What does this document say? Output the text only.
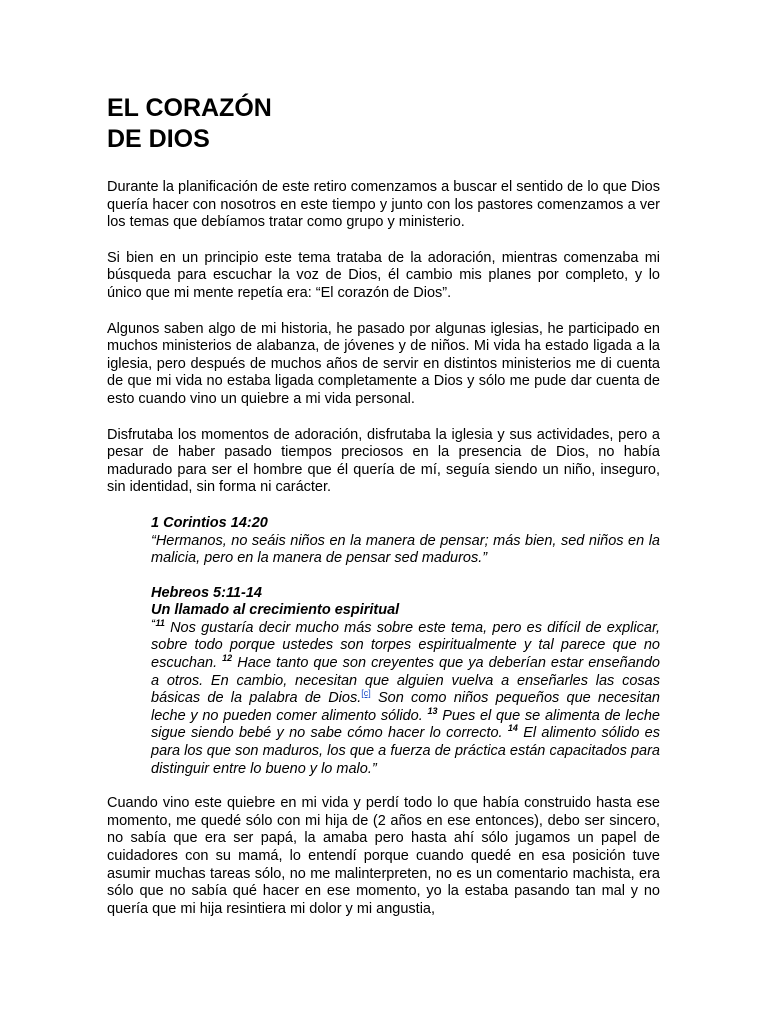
EL CORAZÓN
DE DIOS

Durante la planificación de este retiro comenzamos a buscar el sentido de lo que Dios quería hacer con nosotros en este tiempo y junto con los pastores comenzamos a ver los temas que debíamos tratar como grupo y ministerio.

Si bien en un principio este tema trataba de la adoración, mientras comenzaba mi búsqueda para escuchar la voz de Dios, él cambio mis planes por completo, y lo único que mi mente repetía era: “El corazón de Dios”.

Algunos saben algo de mi historia, he pasado por algunas iglesias, he participado en muchos ministerios de alabanza, de jóvenes y de niños. Mi vida ha estado ligada a la iglesia, pero después de muchos años de servir en distintos ministerios me di cuenta de que mi vida no estaba ligada completamente a Dios y sólo me pude dar cuenta de esto cuando vino un quiebre a mi vida personal.

Disfrutaba los momentos de adoración, disfrutaba la iglesia y sus actividades, pero a pesar de haber pasado tiempos preciosos en la presencia de Dios, no había madurado para ser el hombre que él quería de mí, seguía siendo un niño, inseguro, sin identidad, sin forma ni carácter.

1 Corintios 14:20
“Hermanos, no seáis niños en la manera de pensar; más bien, sed niños en la malicia, pero en la manera de pensar sed maduros.”
Hebreos 5:11-14
Un llamado al crecimiento espiritual
$^{“11}$ Nos gustaría decir mucho más sobre este tema, pero es difícil de explicar, sobre todo porque ustedes son torpes espiritualmente y tal parece que no escuchan. $^{12}$ Hace tanto que son creyentes que ya deberían estar enseñando a otros. En cambio, necesitan que alguien vuelva a enseñarles las cosas básicas de la palabra de Dios.[c] Son como niños pequeños que necesitan leche y no pueden comer alimento sólido. $^{13}$ Pues el que se alimenta de leche sigue siendo bebé y no sabe cómo hacer lo correcto. $^{14}$ El alimento sólido es para los que son maduros, los que a fuerza de práctica están capacitados para distinguir entre lo bueno y lo malo.”

Cuando vino este quiebre en mi vida y perdí todo lo que había construido hasta ese momento, me quedé sólo con mi hija de (2 años en ese entonces), debo ser sincero, no sabía que era ser papá, la amaba pero hasta ahí sólo jugamos un papel de cuidadores con su mamá, lo entendí porque cuando quedé en esa posición tuve asumir muchas tareas sólo, no me malinterpreten, no es un comentario machista, era sólo que no sabía qué hacer en ese momento, yo la estaba pasando tan mal y no quería que mi hija resintiera mi dolor y mi angustia,
